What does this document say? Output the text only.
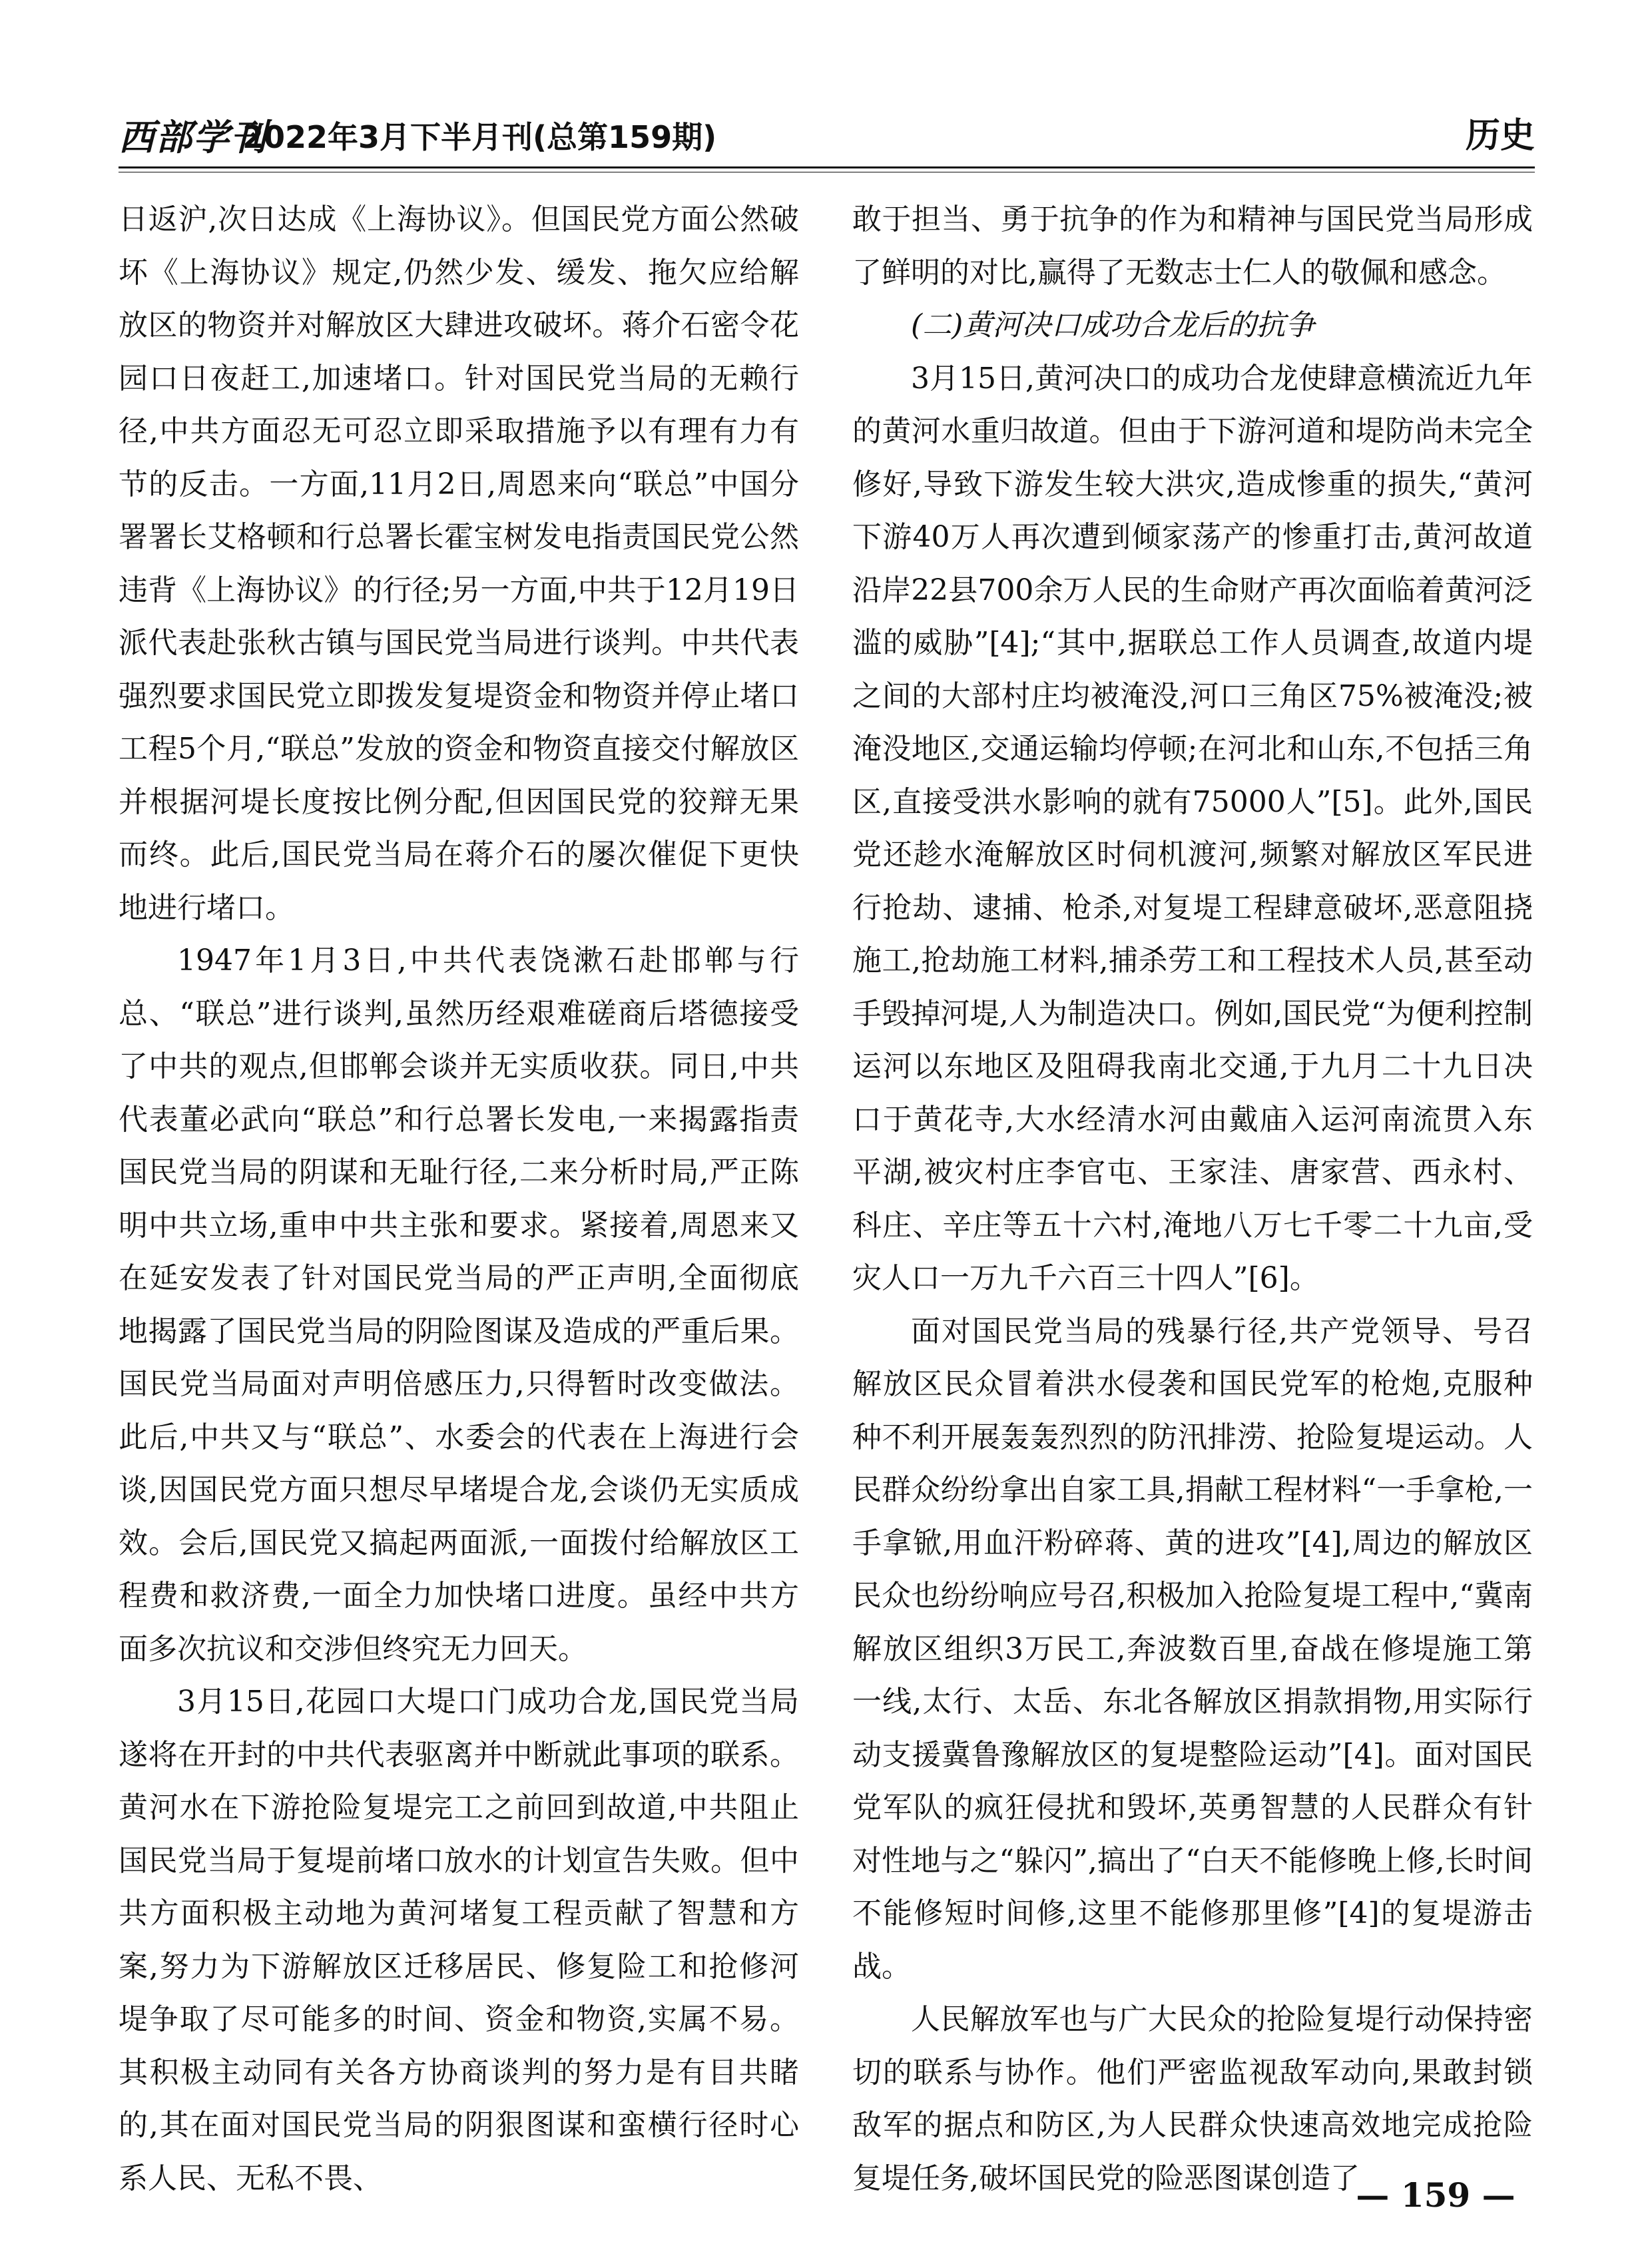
西部学刊
2022年3月下半月刊(总第159期)	历史

日返沪,次日达成《上海协议》。但国民党方面公然破坏《上海协议》规定,仍然少发、缓发、拖欠应给解放区的物资并对解放区大肆进攻破坏。蒋介石密令花园口日夜赶工,加速堵口。针对国民党当局的无赖行径,中共方面忍无可忍立即采取措施予以有理有力有节的反击。一方面,11月2日,周恩来向“联总”中国分署署长艾格顿和行总署长霍宝树发电指责国民党公然违背《上海协议》的行径;另一方面,中共于12月19日派代表赴张秋古镇与国民党当局进行谈判。中共代表强烈要求国民党立即拨发复堤资金和物资并停止堵口工程5个月,“联总”发放的资金和物资直接交付解放区并根据河堤长度按比例分配,但因国民党的狡辩无果而终。此后,国民党当局在蒋介石的屡次催促下更快地进行堵口。

1947年1月3日,中共代表饶漱石赴邯郸与行总、“联总”进行谈判,虽然历经艰难磋商后塔德接受了中共的观点,但邯郸会谈并无实质收获。同日,中共代表董必武向“联总”和行总署长发电,一来揭露指责国民党当局的阴谋和无耻行径,二来分析时局,严正陈明中共立场,重申中共主张和要求。紧接着,周恩来又在延安发表了针对国民党当局的严正声明,全面彻底地揭露了国民党当局的阴险图谋及造成的严重后果。国民党当局面对声明倍感压力,只得暂时改变做法。此后,中共又与“联总”、水委会的代表在上海进行会谈,因国民党方面只想尽早堵堤合龙,会谈仍无实质成效。会后,国民党又搞起两面派,一面拨付给解放区工程费和救济费,一面全力加快堵口进度。虽经中共方面多次抗议和交涉但终究无力回天。

3月15日,花园口大堤口门成功合龙,国民党当局遂将在开封的中共代表驱离并中断就此事项的联系。黄河水在下游抢险复堤完工之前回到故道,中共阻止国民党当局于复堤前堵口放水的计划宣告失败。但中共方面积极主动地为黄河堵复工程贡献了智慧和方案,努力为下游解放区迁移居民、修复险工和抢修河堤争取了尽可能多的时间、资金和物资,实属不易。其积极主动同有关各方协商谈判的努力是有目共睹的,其在面对国民党当局的阴狠图谋和蛮横行径时心系人民、无私不畏、

敢于担当、勇于抗争的作为和精神与国民党当局形成了鲜明的对比,赢得了无数志士仁人的敬佩和感念。

(二)黄河决口成功合龙后的抗争

3月15日,黄河决口的成功合龙使肆意横流近九年的黄河水重归故道。但由于下游河道和堤防尚未完全修好,导致下游发生较大洪灾,造成惨重的损失,“黄河下游40万人再次遭到倾家荡产的惨重打击,黄河故道沿岸22县700余万人民的生命财产再次面临着黄河泛滥的威胁”[4];“其中,据联总工作人员调查,故道内堤之间的大部村庄均被淹没,河口三角区75%被淹没;被淹没地区,交通运输均停顿;在河北和山东,不包括三角区,直接受洪水影响的就有75000人”[5]。此外,国民党还趁水淹解放区时伺机渡河,频繁对解放区军民进行抢劫、逮捕、枪杀,对复堤工程肆意破坏,恶意阻挠施工,抢劫施工材料,捕杀劳工和工程技术人员,甚至动手毁掉河堤,人为制造决口。例如,国民党“为便利控制运河以东地区及阻碍我南北交通,于九月二十九日决口于黄花寺,大水经清水河由戴庙入运河南流贯入东平湖,被灾村庄李官屯、王家洼、唐家营、西永村、科庄、辛庄等五十六村,淹地八万七千零二十九亩,受灾人口一万九千六百三十四人”[6]。

面对国民党当局的残暴行径,共产党领导、号召解放区民众冒着洪水侵袭和国民党军的枪炮,克服种种不利开展轰轰烈烈的防汛排涝、抢险复堤运动。人民群众纷纷拿出自家工具,捐献工程材料“一手拿枪,一手拿锨,用血汗粉碎蒋、黄的进攻”[4],周边的解放区民众也纷纷响应号召,积极加入抢险复堤工程中,“冀南解放区组织3万民工,奔波数百里,奋战在修堤施工第一线,太行、太岳、东北各解放区捐款捐物,用实际行动支援冀鲁豫解放区的复堤整险运动”[4]。面对国民党军队的疯狂侵扰和毁坏,英勇智慧的人民群众有针对性地与之“躲闪”,搞出了“白天不能修晚上修,长时间不能修短时间修,这里不能修那里修”[4]的复堤游击战。

人民解放军也与广大民众的抢险复堤行动保持密切的联系与协作。他们严密监视敌军动向,果敢封锁敌军的据点和防区,为人民群众快速高效地完成抢险复堤任务,破坏国民党的险恶图谋创造了

— 159 —
